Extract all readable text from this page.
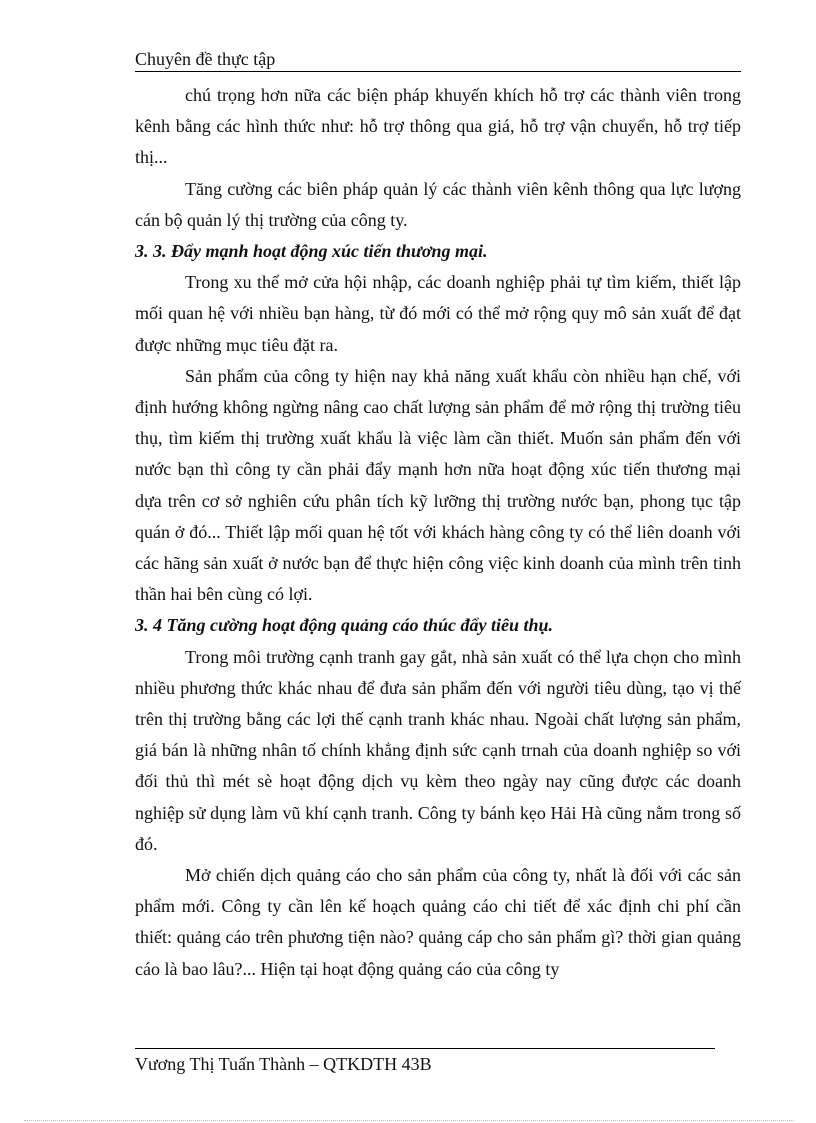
Chuyên đề thực tập

chú trọng hơn nữa các biện pháp khuyến khích hỗ trợ các thành viên trong kênh bằng các hình thức như: hỗ trợ thông qua giá, hỗ trợ vận chuyển, hỗ trợ tiếp thị...

Tăng cường các biên pháp quản lý các thành viên kênh thông qua lực lượng cán bộ quản lý thị trường của công ty.

3. 3. Đẩy mạnh hoạt động xúc tiến thương mại.

Trong xu thế mở cửa hội nhập, các doanh nghiệp phải tự tìm kiếm, thiết lập mối quan hệ với nhiều bạn hàng, từ đó mới có thể mở rộng quy mô sản xuất để đạt được những mục tiêu đặt ra.

Sản phẩm của công ty hiện nay khả năng xuất khẩu còn nhiều hạn chế, với định hướng không ngừng nâng cao chất lượng sản phẩm để mở rộng thị trường tiêu thụ, tìm kiếm thị trường xuất khẩu là việc làm cần thiết. Muốn sản phẩm đến với nước bạn thì công ty cần phải đẩy mạnh hơn nữa hoạt động xúc tiến thương mại dựa trên cơ sở nghiên cứu phân tích kỹ lưỡng thị trường nước bạn, phong tục tập quán ở đó... Thiết lập mối quan hệ tốt với khách hàng công ty có thể liên doanh với các hãng sản xuất ở nước bạn để thực hiện công việc kinh doanh của mình trên tinh thần hai bên cùng có lợi.

3. 4 Tăng cường hoạt động quảng cáo thúc đẩy tiêu thụ.

Trong môi trường cạnh tranh gay gắt, nhà sản xuất có thể lựa chọn cho mình nhiều phương thức khác nhau để đưa sản phẩm đến với người tiêu dùng, tạo vị thế trên thị trường bằng các lợi thế cạnh tranh khác nhau. Ngoài chất lượng sản phẩm, giá bán là những nhân tố chính khẳng định sức cạnh trnah của doanh nghiệp so với đối thủ thì mét sè hoạt động dịch vụ kèm theo ngày nay cũng được các doanh nghiệp sử dụng làm vũ khí cạnh tranh. Công ty bánh kẹo Hải Hà cũng nằm trong số đó.

Mở chiến dịch quảng cáo cho sản phẩm của công ty, nhất là đối với các sản phẩm mới. Công ty cần lên kế hoạch quảng cáo chi tiết để xác định chi phí cần thiết: quảng cáo trên phương tiện nào? quảng cáp cho sản phẩm gì? thời gian quảng cáo là bao lâu?... Hiện tại hoạt động quảng cáo của công ty

Vương Thị Tuấn Thành – QTKDTH 43B
